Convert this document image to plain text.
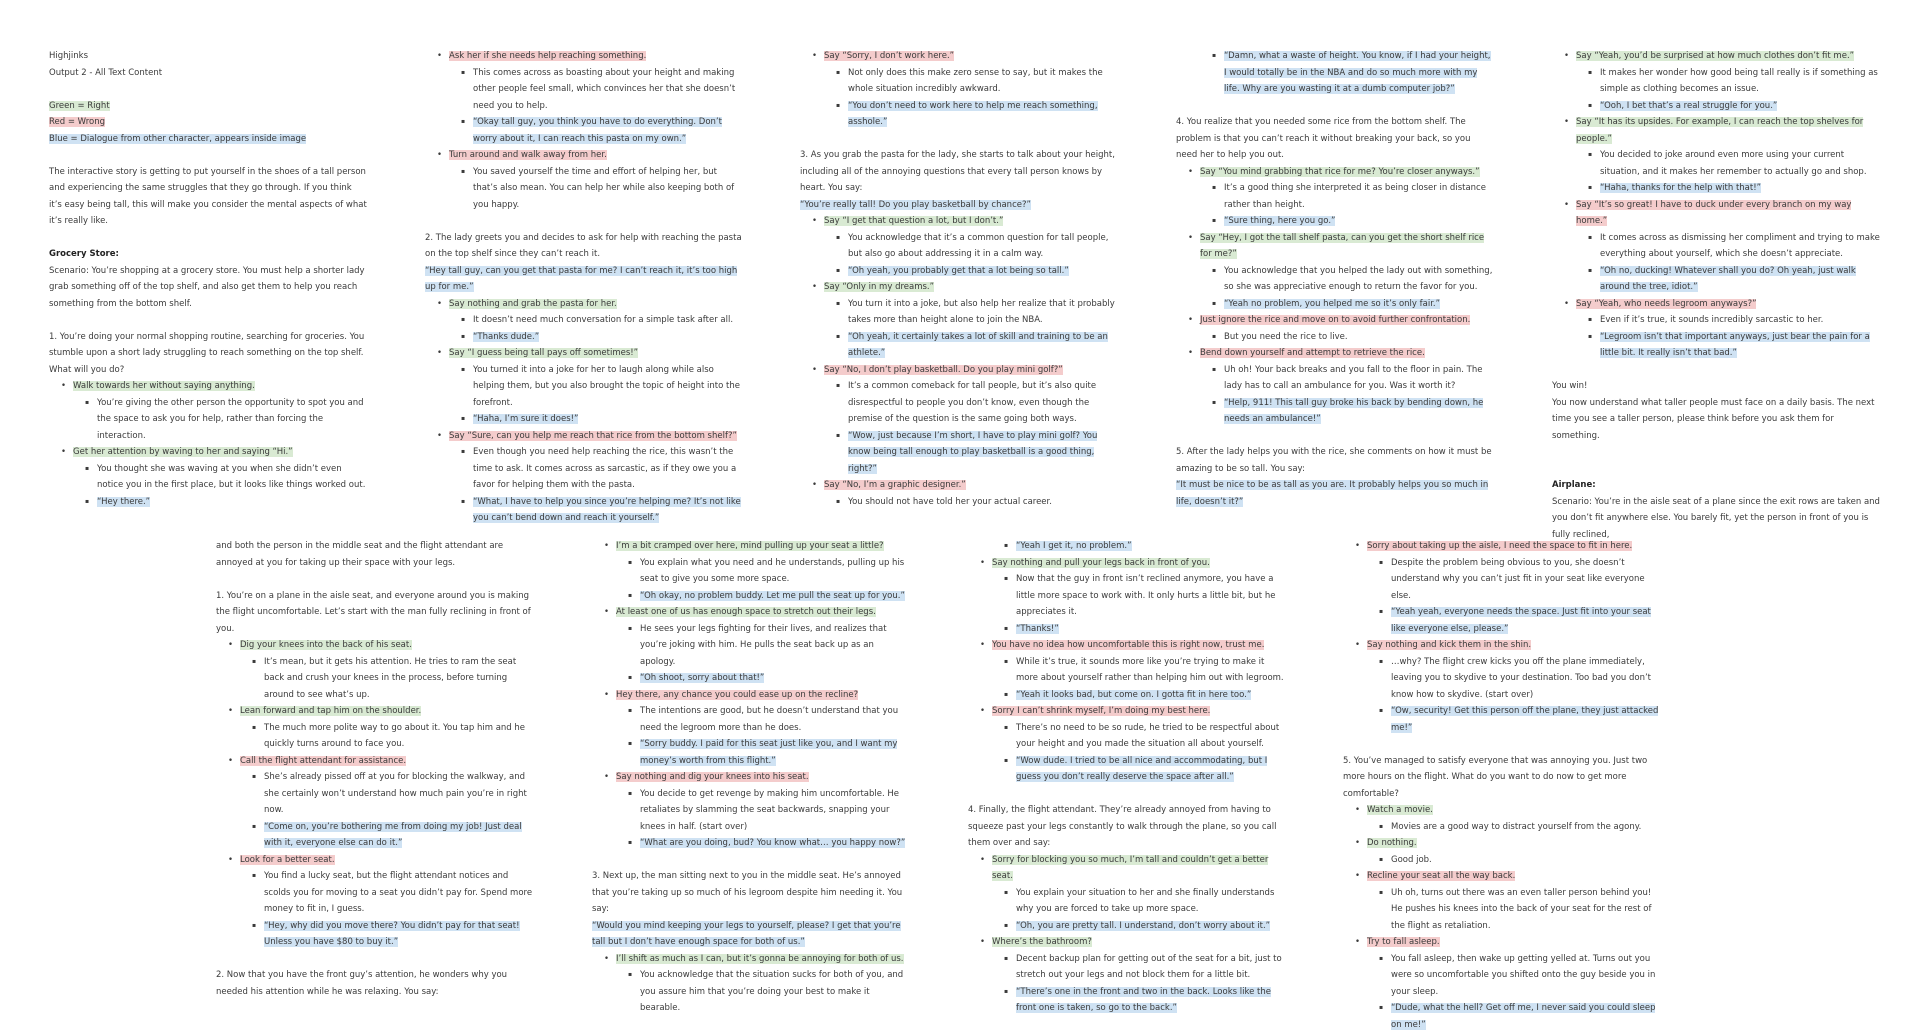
Highjinks

Output 2 - All Text Content

Green = Right

Red = Wrong

Blue = Dialogue from other character, appears inside image

The interactive story is getting to put yourself in the shoes of a tall person and experiencing the same struggles that they go through. If you think it’s easy being tall, this will make you consider the mental aspects of what it’s really like.

Grocery Store:

Scenario: You’re shopping at a grocery store. You must help a shorter lady grab something off of the top shelf, and also get them to help you reach something from the bottom shelf.

1. You’re doing your normal shopping routine, searching for groceries. You stumble upon a short lady struggling to reach something on the top shelf. What will you do?

• Walk towards her without saying anything.

▪ You’re giving the other person the opportunity to spot you and the space to ask you for help, rather than forcing the interaction.

• Get her attention by waving to her and saying “Hi.”

▪ You thought she was waving at you when she didn’t even notice you in the first place, but it looks like things worked out.

▪ “Hey there.”

• Ask her if she needs help reaching something.

▪ This comes across as boasting about your height and making other people feel small, which convinces her that she doesn’t need you to help.

▪ “Okay tall guy, you think you have to do everything. Don’t worry about it, I can reach this pasta on my own.”

• Turn around and walk away from her.

▪ You saved yourself the time and effort of helping her, but that’s also mean. You can help her while also keeping both of you happy.

2. The lady greets you and decides to ask for help with reaching the pasta on the top shelf since they can’t reach it.

“Hey tall guy, can you get that pasta for me? I can’t reach it, it’s too high up for me.”

• Say nothing and grab the pasta for her.

▪ It doesn’t need much conversation for a simple task after all.

▪ “Thanks dude.”

• Say “I guess being tall pays off sometimes!”

▪ You turned it into a joke for her to laugh along while also helping them, but you also brought the topic of height into the forefront.

▪ “Haha, I’m sure it does!”

• Say “Sure, can you help me reach that rice from the bottom shelf?”

▪ Even though you need help reaching the rice, this wasn’t the time to ask. It comes across as sarcastic, as if they owe you a favor for helping them with the pasta.

▪ “What, I have to help you since you’re helping me? It’s not like you can’t bend down and reach it yourself.”

• Say “Sorry, I don’t work here.”

▪ Not only does this make zero sense to say, but it makes the whole situation incredibly awkward.

▪ “You don’t need to work here to help me reach something, asshole.”

3. As you grab the pasta for the lady, she starts to talk about your height, including all of the annoying questions that every tall person knows by heart. You say:

“You’re really tall! Do you play basketball by chance?”

• Say “I get that question a lot, but I don’t.”

▪ You acknowledge that it’s a common question for tall people, but also go about addressing it in a calm way.

▪ “Oh yeah, you probably get that a lot being so tall.”

• Say “Only in my dreams.”

▪ You turn it into a joke, but also help her realize that it probably takes more than height alone to join the NBA.

▪ “Oh yeah, it certainly takes a lot of skill and training to be an athlete.”

• Say “No, I don’t play basketball. Do you play mini golf?”

▪ It’s a common comeback for tall people, but it’s also quite disrespectful to people you don’t know, even though the premise of the question is the same going both ways.

▪ “Wow, just because I’m short, I have to play mini golf? You know being tall enough to play basketball is a good thing, right?”

• Say “No, I’m a graphic designer.”

▪ You should not have told her your actual career.

▪ “Damn, what a waste of height. You know, if I had your height, I would totally be in the NBA and do so much more with my life. Why are you wasting it at a dumb computer job?”

4. You realize that you needed some rice from the bottom shelf. The problem is that you can’t reach it without breaking your back, so you need her to help you out.

• Say “You mind grabbing that rice for me? You’re closer anyways.”

▪ It’s a good thing she interpreted it as being closer in distance rather than height.

▪ “Sure thing, here you go.”

• Say “Hey, I got the tall shelf pasta, can you get the short shelf rice for me?”

▪ You acknowledge that you helped the lady out with something, so she was appreciative enough to return the favor for you.

▪ “Yeah no problem, you helped me so it’s only fair.”

• Just ignore the rice and move on to avoid further confrontation.

▪ But you need the rice to live.

• Bend down yourself and attempt to retrieve the rice.

▪ Uh oh! Your back breaks and you fall to the floor in pain. The lady has to call an ambulance for you. Was it worth it?

▪ “Help, 911! This tall guy broke his back by bending down, he needs an ambulance!”

5. After the lady helps you with the rice, she comments on how it must be amazing to be so tall. You say:

“It must be nice to be as tall as you are. It probably helps you so much in life, doesn’t it?”

• Say “Yeah, you’d be surprised at how much clothes don’t fit me.”

▪ It makes her wonder how good being tall really is if something as simple as clothing becomes an issue.

▪ “Ooh, I bet that’s a real struggle for you.”

• Say “It has its upsides. For example, I can reach the top shelves for people.”

▪ You decided to joke around even more using your current situation, and it makes her remember to actually go and shop.

▪ “Haha, thanks for the help with that!”

• Say “It’s so great! I have to duck under every branch on my way home.”

▪ It comes across as dismissing her compliment and trying to make everything about yourself, which she doesn’t appreciate.

▪ “Oh no, ducking! Whatever shall you do? Oh yeah, just walk around the tree, idiot.”

• Say “Yeah, who needs legroom anyways?”

▪ Even if it’s true, it sounds incredibly sarcastic to her.

▪ “Legroom isn’t that important anyways, just bear the pain for a little bit. It really isn’t that bad.”

You win!

You now understand what taller people must face on a daily basis. The next time you see a taller person, please think before you ask them for something.

Airplane:

Scenario: You’re in the aisle seat of a plane since the exit rows are taken and you don’t fit anywhere else. You barely fit, yet the person in front of you is fully reclined,

and both the person in the middle seat and the flight attendant are annoyed at you for taking up their space with your legs.

1. You’re on a plane in the aisle seat, and everyone around you is making the flight uncomfortable. Let’s start with the man fully reclining in front of you.

• Dig your knees into the back of his seat.

▪ It’s mean, but it gets his attention. He tries to ram the seat back and crush your knees in the process, before turning around to see what’s up.

• Lean forward and tap him on the shoulder.

▪ The much more polite way to go about it. You tap him and he quickly turns around to face you.

• Call the flight attendant for assistance.

▪ She’s already pissed off at you for blocking the walkway, and she certainly won’t understand how much pain you’re in right now.

▪ “Come on, you’re bothering me from doing my job! Just deal with it, everyone else can do it.”

• Look for a better seat.

▪ You find a lucky seat, but the flight attendant notices and scolds you for moving to a seat you didn’t pay for. Spend more money to fit in, I guess.

▪ “Hey, why did you move there? You didn’t pay for that seat! Unless you have $80 to buy it.”

2. Now that you have the front guy’s attention, he wonders why you needed his attention while he was relaxing. You say:

• I’m a bit cramped over here, mind pulling up your seat a little?

▪ You explain what you need and he understands, pulling up his seat to give you some more space.

▪ “Oh okay, no problem buddy. Let me pull the seat up for you.”

• At least one of us has enough space to stretch out their legs.

▪ He sees your legs fighting for their lives, and realizes that you’re joking with him. He pulls the seat back up as an apology.

▪ “Oh shoot, sorry about that!”

• Hey there, any chance you could ease up on the recline?

▪ The intentions are good, but he doesn’t understand that you need the legroom more than he does.

▪ “Sorry buddy. I paid for this seat just like you, and I want my money’s worth from this flight.”

• Say nothing and dig your knees into his seat.

▪ You decide to get revenge by making him uncomfortable. He retaliates by slamming the seat backwards, snapping your knees in half. (start over)

▪ “What are you doing, bud? You know what… you happy now?”

3. Next up, the man sitting next to you in the middle seat. He’s annoyed that you’re taking up so much of his legroom despite him needing it. You say:

“Would you mind keeping your legs to yourself, please? I get that you’re tall but I don’t have enough space for both of us.”

• I’ll shift as much as I can, but it’s gonna be annoying for both of us.

▪ You acknowledge that the situation sucks for both of you, and you assure him that you’re doing your best to make it bearable.

▪ “Yeah I get it, no problem.”

• Say nothing and pull your legs back in front of you.

▪ Now that the guy in front isn’t reclined anymore, you have a little more space to work with. It only hurts a little bit, but he appreciates it.

▪ “Thanks!”

• You have no idea how uncomfortable this is right now, trust me.

▪ While it’s true, it sounds more like you’re trying to make it more about yourself rather than helping him out with legroom.

▪ “Yeah it looks bad, but come on. I gotta fit in here too.”

• Sorry I can’t shrink myself, I’m doing my best here.

▪ There’s no need to be so rude, he tried to be respectful about your height and you made the situation all about yourself.

▪ “Wow dude. I tried to be all nice and accommodating, but I guess you don’t really deserve the space after all.”

4. Finally, the flight attendant. They’re already annoyed from having to squeeze past your legs constantly to walk through the plane, so you call them over and say:

• Sorry for blocking you so much, I’m tall and couldn’t get a better seat.

▪ You explain your situation to her and she finally understands why you are forced to take up more space.

▪ “Oh, you are pretty tall. I understand, don’t worry about it.”

• Where’s the bathroom?

▪ Decent backup plan for getting out of the seat for a bit, just to stretch out your legs and not block them for a little bit.

▪ “There’s one in the front and two in the back. Looks like the front one is taken, so go to the back.”

• Sorry about taking up the aisle, I need the space to fit in here.

▪ Despite the problem being obvious to you, she doesn’t understand why you can’t just fit in your seat like everyone else.

▪ “Yeah yeah, everyone needs the space. Just fit into your seat like everyone else, please.”

• Say nothing and kick them in the shin.

▪ …why? The flight crew kicks you off the plane immediately, leaving you to skydive to your destination. Too bad you don’t know how to skydive. (start over)

▪ “Ow, security! Get this person off the plane, they just attacked me!”

5. You’ve managed to satisfy everyone that was annoying you. Just two more hours on the flight. What do you want to do now to get more comfortable?

• Watch a movie.

▪ Movies are a good way to distract yourself from the agony.

• Do nothing.

▪ Good job.

• Recline your seat all the way back.

▪ Uh oh, turns out there was an even taller person behind you! He pushes his knees into the back of your seat for the rest of the flight as retaliation.

• Try to fall asleep.

▪ You fall asleep, then wake up getting yelled at. Turns out you were so uncomfortable you shifted onto the guy beside you in your sleep.

▪ “Dude, what the hell? Get off me, I never said you could sleep on me!”
